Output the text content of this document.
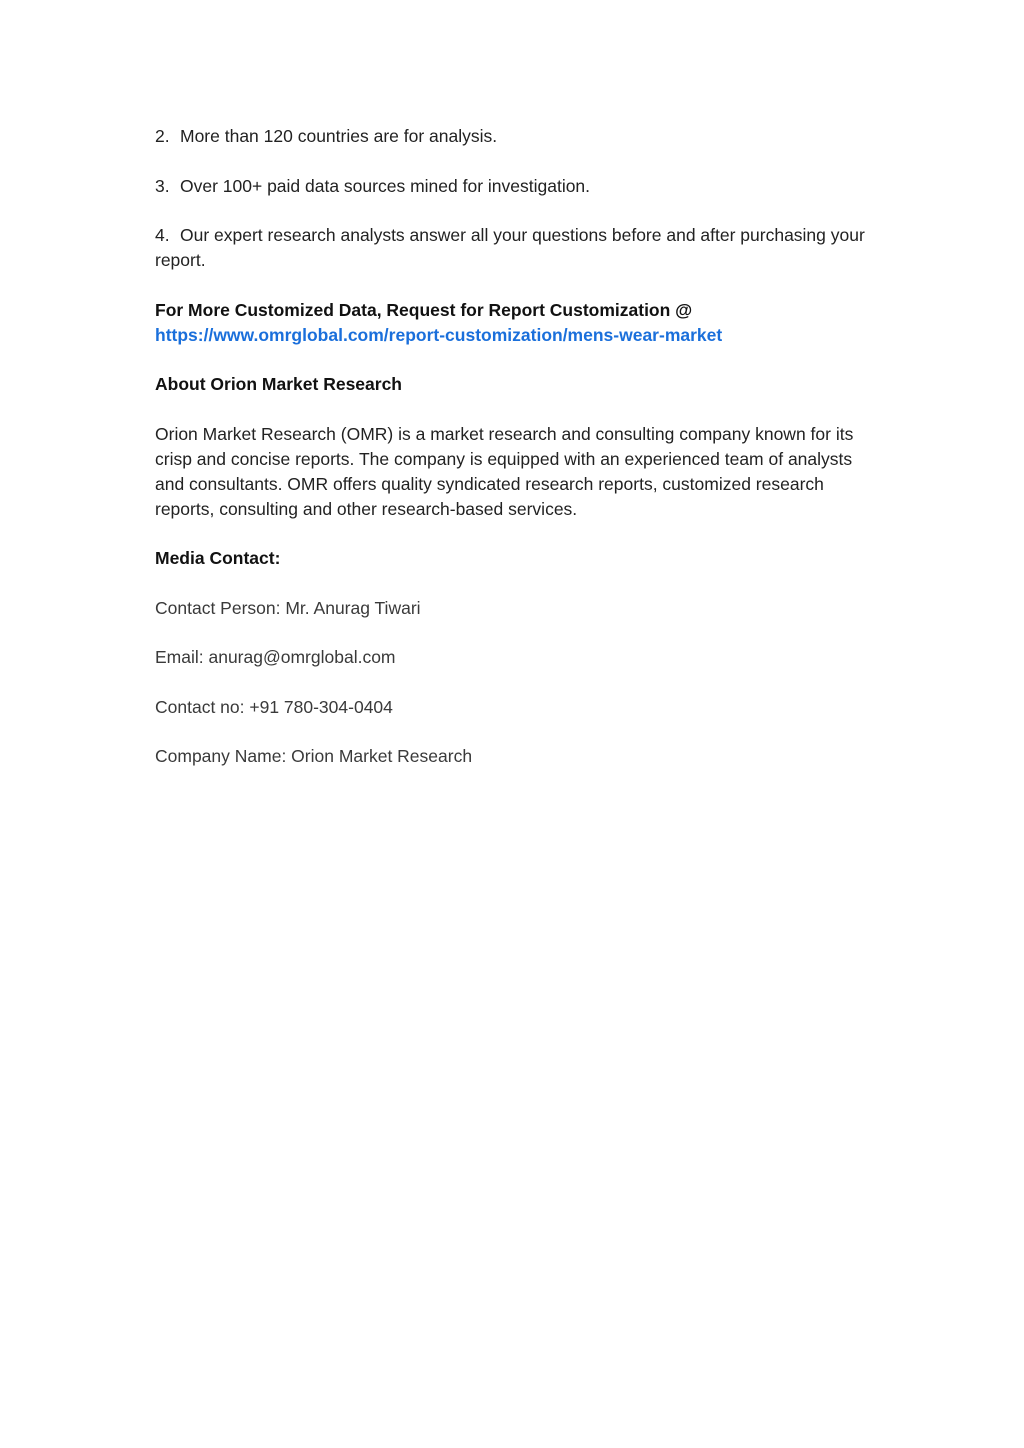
2. More than 120 countries are for analysis.

3. Over 100+ paid data sources mined for investigation.

4. Our expert research analysts answer all your questions before and after purchasing your report.

For More Customized Data, Request for Report Customization @
https://www.omrglobal.com/report-customization/mens-wear-market

About Orion Market Research

Orion Market Research (OMR) is a market research and consulting company known for its crisp and concise reports. The company is equipped with an experienced team of analysts and consultants. OMR offers quality syndicated research reports, customized research reports, consulting and other research-based services.

Media Contact:

Contact Person: Mr. Anurag Tiwari

Email: anurag@omrglobal.com

Contact no: +91 780-304-0404

Company Name: Orion Market Research
